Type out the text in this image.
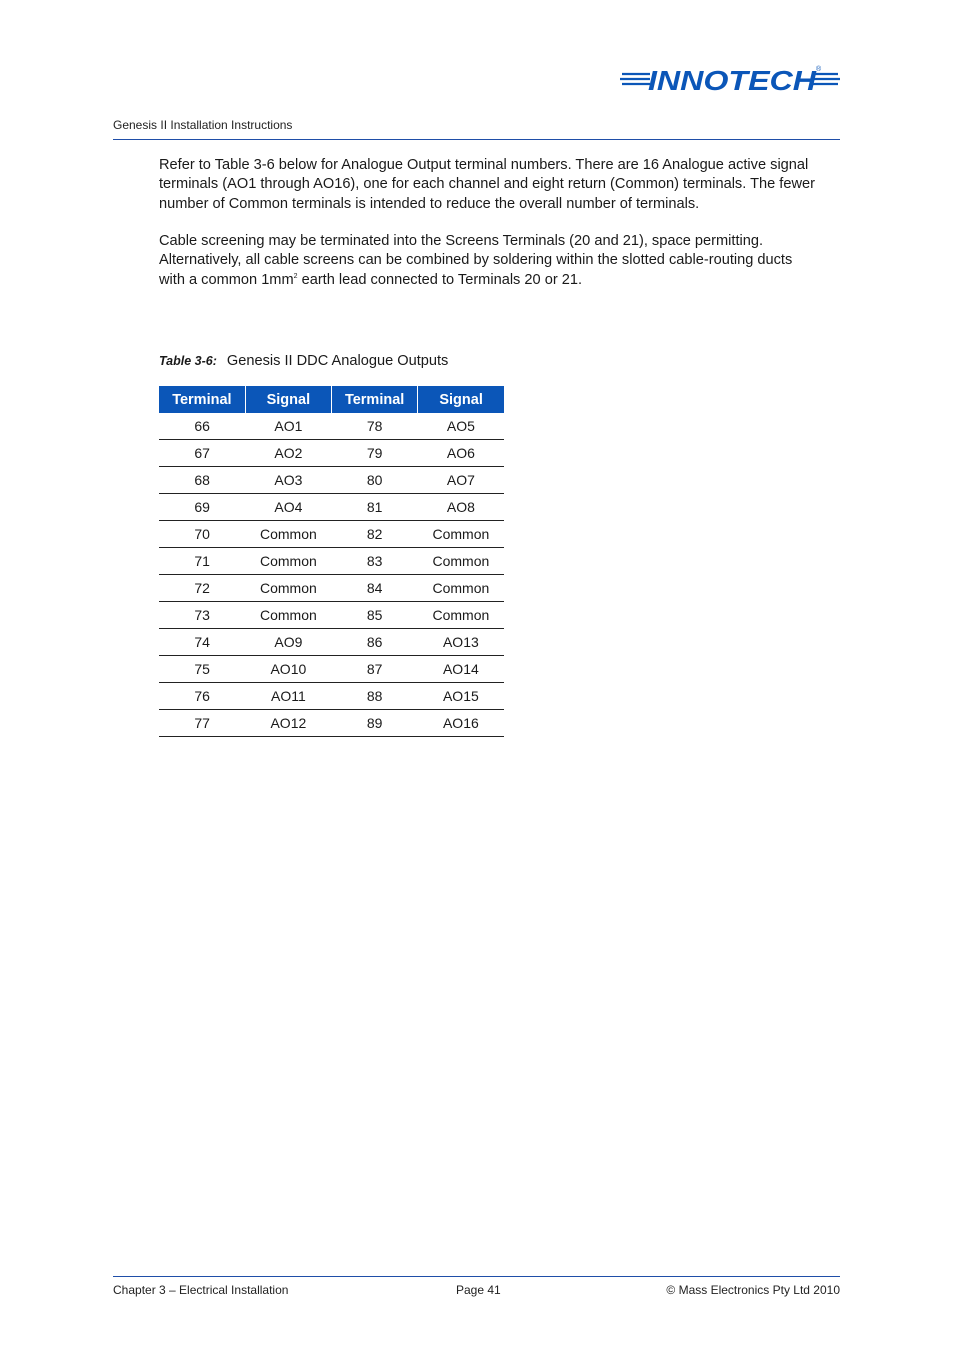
INNOTECH ®
Genesis II Installation Instructions
Refer to Table 3-6 below for Analogue Output terminal numbers. There are 16 Analogue active signal
terminals (AO1 through AO16), one for each channel and eight return (Common) terminals. The fewer
number of Common terminals is intended to reduce the overall number of terminals.
Cable screening may be terminated into the Screens Terminals (20 and 21), space permitting.
Alternatively, all cable screens can be combined by soldering within the slotted cable-routing ducts
with a common $1mm^2$ earth lead connected to Terminals 20 or 21.
Table 3-6: Genesis II DDC Analogue Outputs
Terminal	Signal	Terminal	Signal
66	AO1	78	AO5
67	AO2	79	AO6
68	AO3	80	AO7
69	AO4	81	AO8
70	Common	82	Common
71	Common	83	Common
72	Common	84	Common
73	Common	85	Common
74	AO9	86	AO13
75	AO10	87	AO14
76	AO11	88	AO15
77	AO12	89	AO16
Chapter 3 – Electrical Installation	Page 41	© Mass Electronics Pty Ltd 2010
